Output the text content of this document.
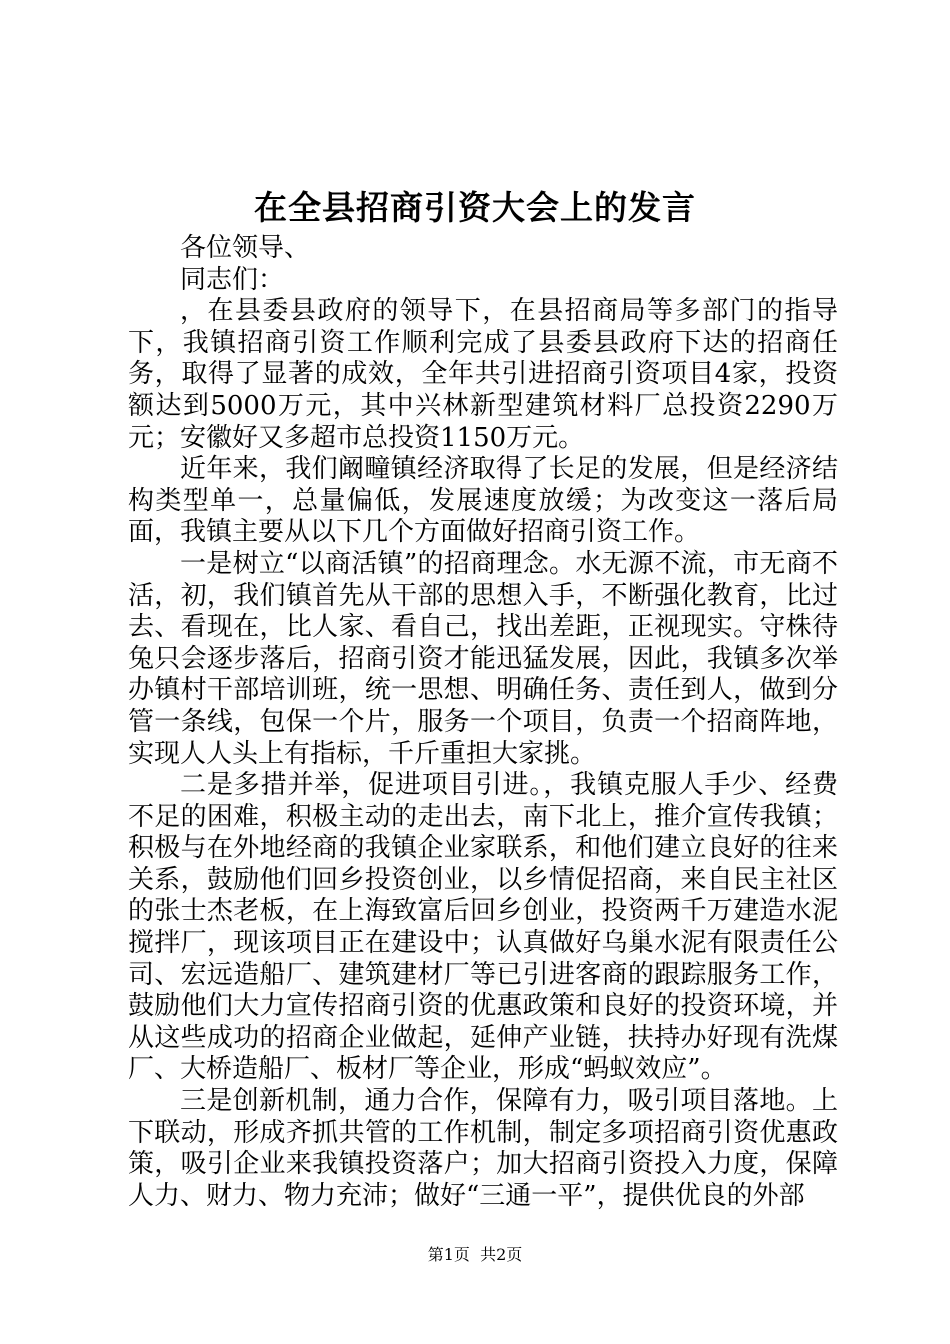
在全县招商引资大会上的发言

各位领导、

同志们：

，在县委县政府的领导下，在县招商局等多部门的指导下，我镇招商引资工作顺利完成了县委县政府下达的招商任务，取得了显著的成效，全年共引进招商引资项目4家，投资额达到5000万元，其中兴林新型建筑材料厂总投资2290万元；安徽好又多超市总投资1150万元。

近年来，我们阚疃镇经济取得了长足的发展，但是经济结构类型单一，总量偏低，发展速度放缓；为改变这一落后局面，我镇主要从以下几个方面做好招商引资工作。

一是树立“以商活镇”的招商理念。水无源不流，市无商不活，初，我们镇首先从干部的思想入手，不断强化教育，比过去、看现在，比人家、看自己，找出差距，正视现实。守株待兔只会逐步落后，招商引资才能迅猛发展，因此，我镇多次举办镇村干部培训班，统一思想、明确任务、责任到人，做到分管一条线，包保一个片，服务一个项目，负责一个招商阵地，实现人人头上有指标，千斤重担大家挑。

二是多措并举，促进项目引进。，我镇克服人手少、经费不足的困难，积极主动的走出去，南下北上，推介宣传我镇；积极与在外地经商的我镇企业家联系，和他们建立良好的往来关系，鼓励他们回乡投资创业，以乡情促招商，来自民主社区的张士杰老板，在上海致富后回乡创业，投资两千万建造水泥搅拌厂，现该项目正在建设中；认真做好乌巢水泥有限责任公司、宏远造船厂、建筑建材厂等已引进客商的跟踪服务工作，鼓励他们大力宣传招商引资的优惠政策和良好的投资环境，并从这些成功的招商企业做起，延伸产业链，扶持办好现有洗煤厂、大桥造船厂、板材厂等企业，形成“蚂蚁效应”。

三是创新机制，通力合作，保障有力，吸引项目落地。上下联动，形成齐抓共管的工作机制，制定多项招商引资优惠政策，吸引企业来我镇投资落户；加大招商引资投入力度，保障人力、财力、物力充沛；做好“三通一平”，提供优良的外部

第1页 共2页
